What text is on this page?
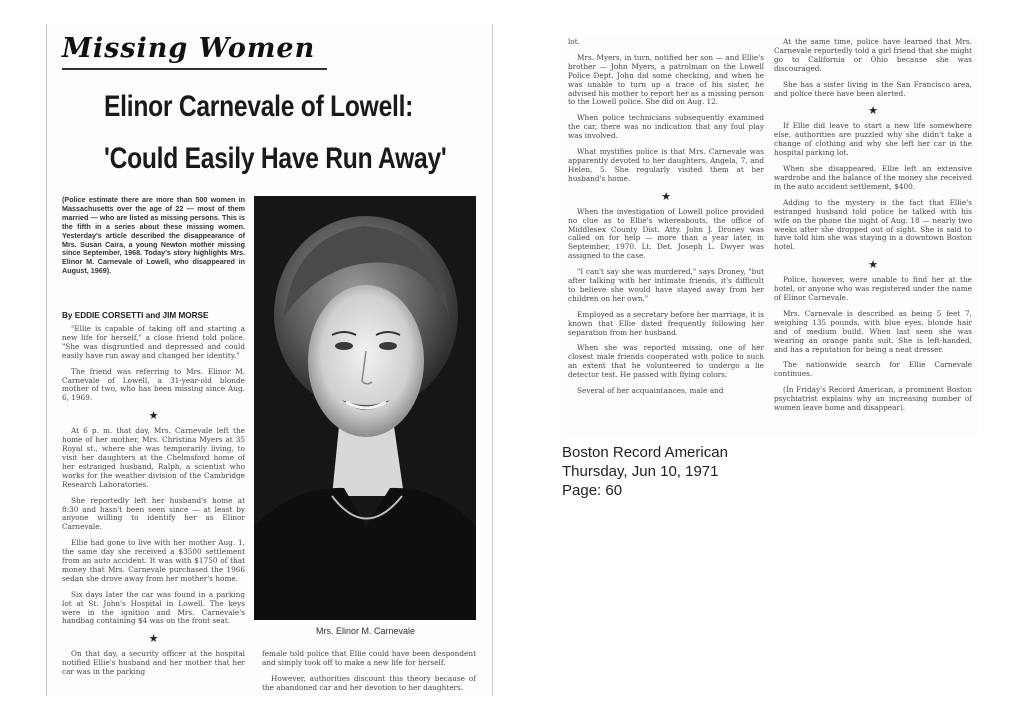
Missing Women
Elinor Carnevale of Lowell:
'Could Easily Have Run Away'
(Police estimate there are more than 500 women in Massachusetts over the age of 22 — most of them married — who are listed as missing persons. This is the fifth in a series about these missing women. Yesterday's article described the disappearance of Mrs. Susan Caira, a young Newton mother missing since September, 1968. Today's story highlights Mrs. Elinor M. Carnevale of Lowell, who disappeared in August, 1969).
By EDDIE CORSETTI and JIM MORSE

"Ellie is capable of taking off and starting a new life for herself," a close friend told police. "She was disgruntled and depressed and could easily have run away and changed her identity."

The friend was referring to Mrs. Elinor M. Carnevale of Lowell, a 31-year-old blonde mother of two, who has been missing since Aug. 6, 1969.

★

At 6 p. m. that day, Mrs. Carnevale left the home of her mother, Mrs. Christina Myers at 35 Royal st., where she was temporarily living, to visit her daughters at the Chelmsford home of her estranged husband, Ralph, a scientist who works for the weather division of the Cambridge Research Laboratories.

She reportedly left her husband's home at 8:30 and hasn't been seen since — at least by anyone willing to identify her as Elinor Carnevale.

Ellie had gone to live with her mother Aug. 1, the same day she received a $3500 settlement from an auto accident. It was with $1750 of that money that Mrs. Carnevale purchased the 1966 sedan she drove away from her mother's home.

Six days later the car was found in a parking lot at St. John's Hospital in Lowell. The keys were in the ignition and Mrs. Carnevale's handbag containing $4 was on the front seat.

★

On that day, a security officer at the hospital notified Ellie's husband and her mother that her car was in the parking

Mrs. Elinor M. Carnevale

female told police that Ellie could have been despondent and simply took off to make a new life for herself.

However, authorities discount this theory because of the abandoned car and her devotion to her daughters.

lot.

Mrs. Myers, in turn, notified her son — and Ellie's brother — John Myers, a patrolman on the Lowell Police Dept. John did some checking, and when he was unable to turn up a trace of his sister, he advised his mother to report her as a missing person to the Lowell police. She did on Aug. 12.

When police technicians subsequently examined the car, there was no indication that any foul play was involved.

What mystifies police is that Mrs. Carnevale was apparently devoted to her daughters, Angela, 7, and Helen, 5. She regularly visited them at her husband's home.

★

When the investigation of Lowell police provided no clue as to Ellie's whereabouts, the office of Middlesex County Dist. Atty. John J. Droney was called on for help — more than a year later, in September, 1970. Lt. Det. Joseph L. Dwyer was assigned to the case.

"I can't say she was murdered," says Droney, "but after talking with her intimate friends, it's difficult to believe she would have stayed away from her children on her own."

Employed as a secretary before her marriage, it is known that Ellie dated frequently following her separation from her husband.

When she was reported missing, one of her closest male friends cooperated with police to such an extent that he volunteered to undergo a lie detector test. He passed with flying colors.

Several of her acquaintances, male and

At the same time, police have learned that Mrs. Carnevale reportedly told a girl friend that she might go to California or Ohio because she was discouraged.

She has a sister living in the San Francisco area, and police there have been alerted.

★

If Ellie did leave to start a new life somewhere else, authorities are puzzled why she didn't take a change of clothing and why she left her car in the hospital parking lot.

When she disappeared, Ellie left an extensive wardrobe and the balance of the money she received in the auto accident settlement, $400.

Adding to the mystery is the fact that Ellie's estranged husband told police he talked with his wife on the phone the night of Aug. 18 — nearly two weeks after she dropped out of sight. She is said to have told him she was staying in a downtown Boston hotel.

★

Police, however, were unable to find her at the hotel, or anyone who was registered under the name of Elinor Carnevale.

Mrs. Carnevale is described as being 5 feet 7, weighing 135 pounds, with blue eyes, blonde hair and of medium build. When last seen she was wearing an orange pants suit. She is left-handed, and has a reputation for being a neat dresser.

The nationwide search for Ellie Carnevale continues.

(In Friday's Record American, a prominent Boston psychiatrist explains why an increasing number of women leave home and disappear).

Boston Record American
Thursday, Jun 10, 1971
Page: 60
